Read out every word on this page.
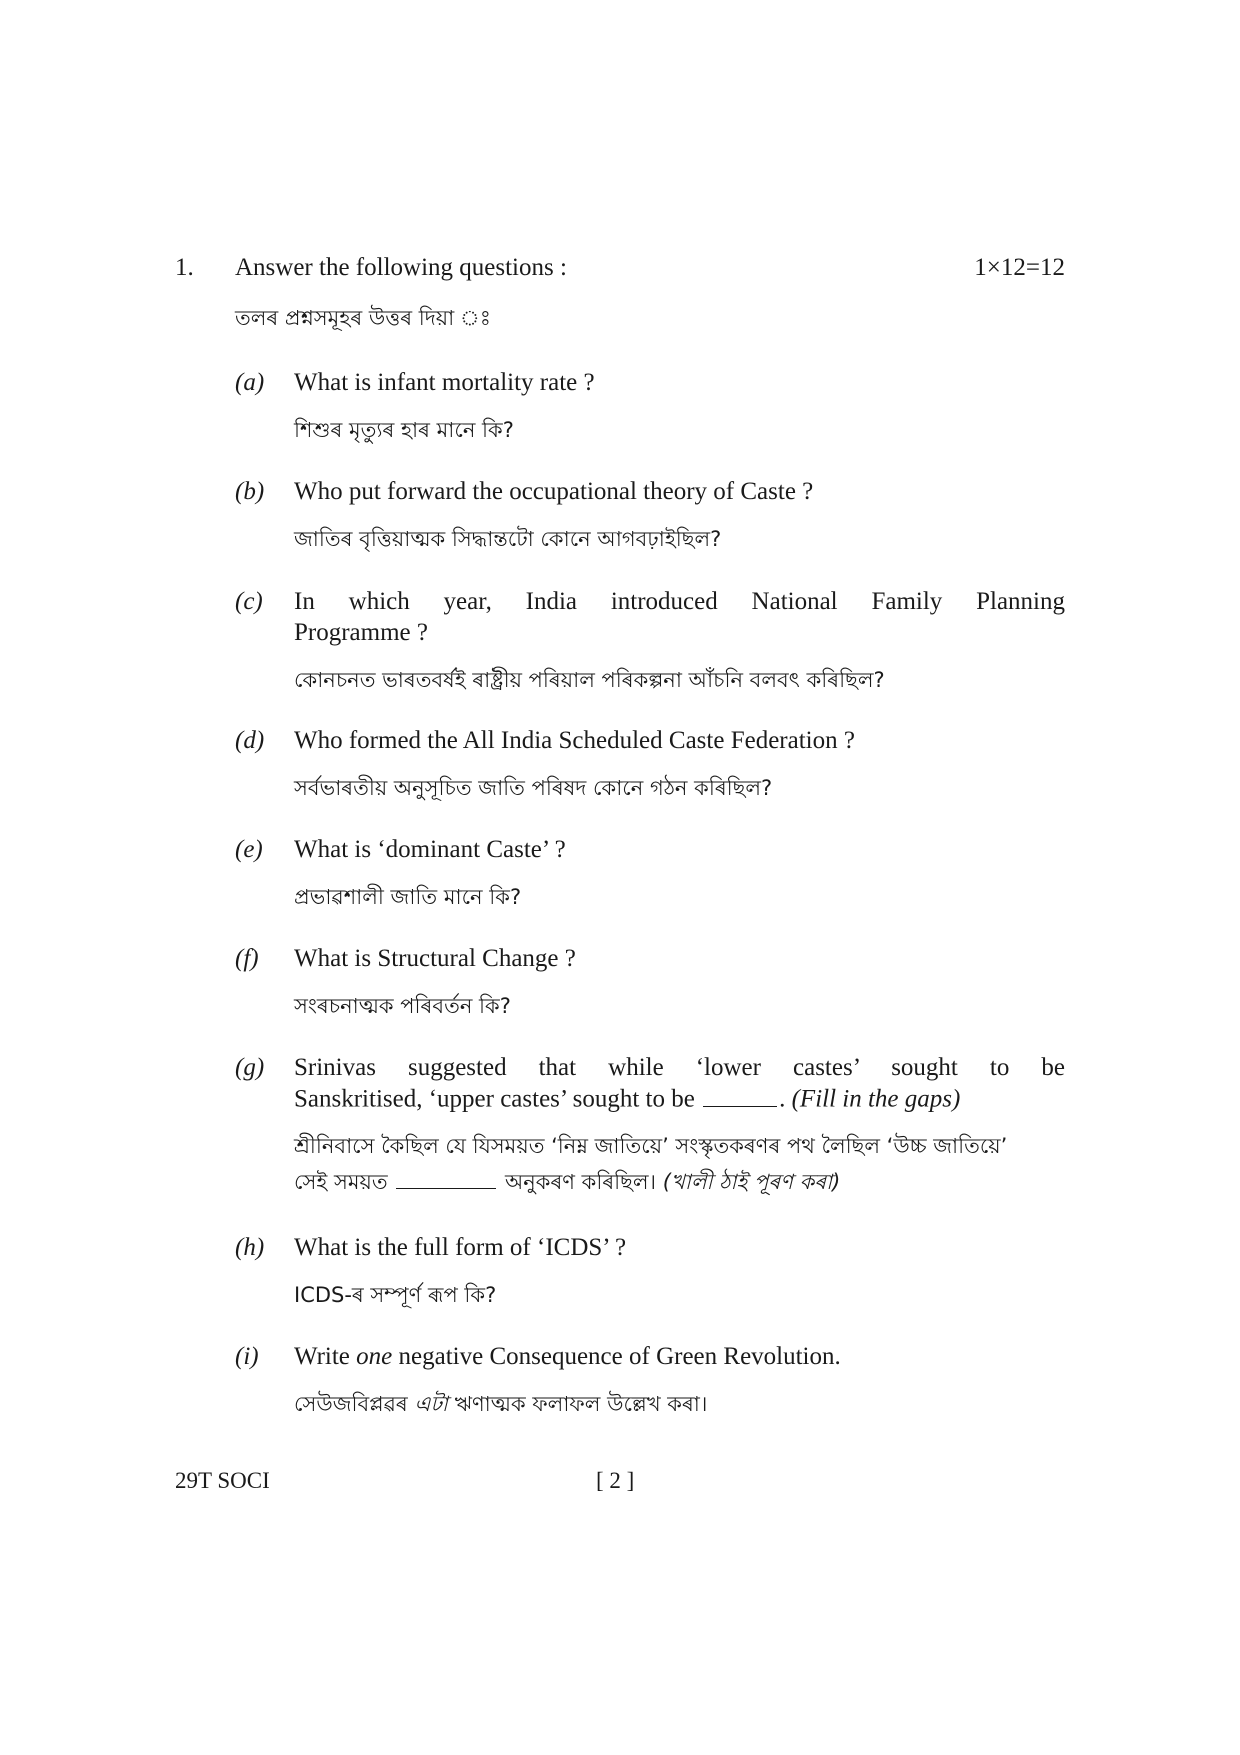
1. Answer the following questions :	1×12=12
তলৰ প্ৰশ্নসমূহৰ উত্তৰ দিয়া ঃ
(a) What is infant mortality rate ?
শিশুৰ মৃত্যুৰ হাৰ মানে কি?
(b) Who put forward the occupational theory of Caste ?
জাতিৰ বৃত্তিয়াত্মক সিদ্ধান্তটো কোনে আগবঢ়াইছিল?
(c) In which year, India introduced National Family Planning
Programme ?
কোনচনত ভাৰতবৰ্ষই ৰাষ্ট্ৰীয় পৰিয়াল পৰিকল্পনা আঁচনি বলবৎ কৰিছিল?
(d) Who formed the All India Scheduled Caste Federation ?
সৰ্বভাৰতীয় অনুসূচিত জাতি পৰিষদ কোনে গঠন কৰিছিল?
(e) What is ‘dominant Caste’ ?
প্ৰভাৱশালী জাতি মানে কি?
(f) What is Structural Change ?
সংৰচনাত্মক পৰিবৰ্তন কি?
(g) Srinivas suggested that while ‘lower castes’ sought to be
Sanskritised, ‘upper castes’ sought to be	. (Fill in the gaps)
শ্ৰীনিবাসে কৈছিল যে যিসময়ত ‘নিম্ন জাতিয়ে’ সংস্কৃতকৰণৰ পথ লৈছিল ‘উচ্চ জাতিয়ে’
সেই সময়ত	অনুকৰণ কৰিছিল। (খালী ঠাই পূৰণ কৰা)
(h) What is the full form of ‘ICDS’ ?
ICDS-ৰ সম্পূৰ্ণ ৰূপ কি?
(i) Write one negative Consequence of Green Revolution.
সেউজবিপ্লৱৰ এটা ঋণাত্মক ফলাফল উল্লেখ কৰা।
29T SOCI	[ 2 ]
